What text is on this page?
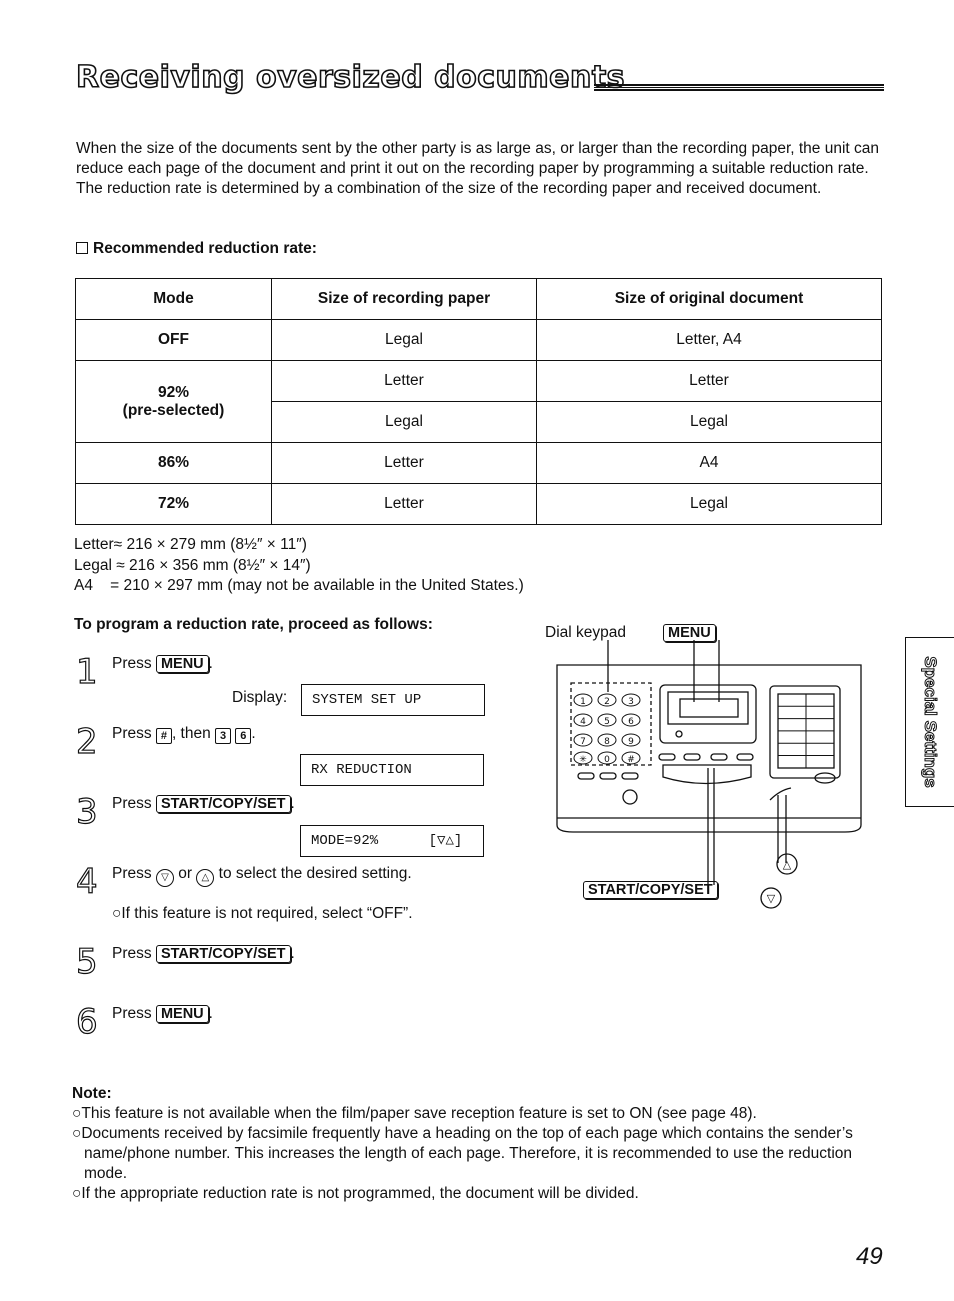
Receiving oversized documents

When the size of the documents sent by the other party is as large as, or larger than the recording paper, the unit can reduce each page of the document and print it out on the recording paper by programming a suitable reduction rate.

The reduction rate is determined by a combination of the size of the recording paper and received document.

Recommended reduction rate:
Mode	Size of recording paper	Size of original document
OFF	Legal	Letter, A4

92%
(pre-selected)	Letter	Letter
	Legal	Legal
86%	Letter	A4
72%	Letter	Legal
Letter≈ 216 × 279 mm (8½″ × 11″)
Legal ≈ 216 × 356 mm (8½″ × 14″)
A4    = 210 × 297 mm (may not be available in the United States.)
To program a reduction rate, proceed as follows:
1 Press MENU .
Display:	SYSTEM SET UP
2 Press # , then 3 6 .
RX REDUCTION
3 Press START/COPY/SET .
MODE=92%      [▽△]
4 Press ▽ or △ to select the desired setting.
○If this feature is not required, select “OFF”.
5 Press START/COPY/SET .
6 Press MENU .
Dial keypad	MENU
START/COPY/SET
1 2 3
4 5 6
7 8 9
✳ 0 #
△
▽
Special Settings
Note:

○This feature is not available when the film/paper save reception feature is set to ON (see page 48).

○Documents received by facsimile frequently have a heading on the top of each page which contains the sender’s name/phone number. This increases the length of each page. Therefore, it is recommended to use the reduction mode.

○If the appropriate reduction rate is not programmed, the document will be divided.

49
